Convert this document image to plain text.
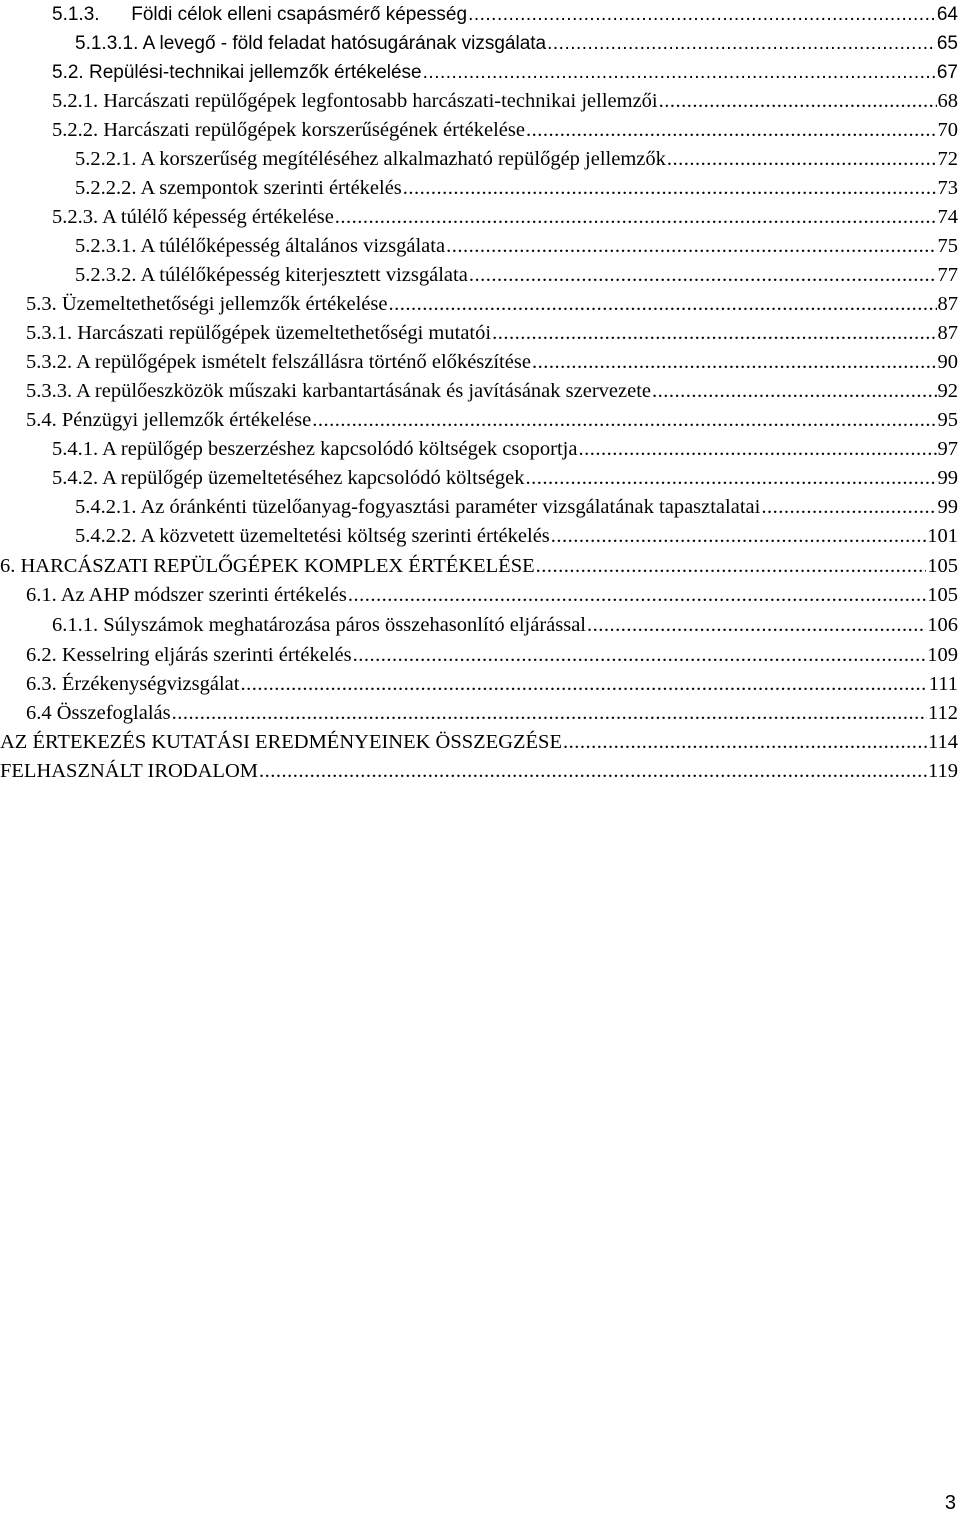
5.1.3.      Földi célok elleni csapásmérő képesség .....	64
5.1.3.1. A levegő - föld feladat hatósugárának vizsgálata .....	65
5.2. Repülési-technikai jellemzők értékelése .....	67
5.2.1. Harcászati repülőgépek legfontosabb harcászati-technikai jellemzői .....	68
5.2.2. Harcászati repülőgépek korszerűségének értékelése .....	70
5.2.2.1. A korszerűség megítéléséhez alkalmazható repülőgép jellemzők .....	72
5.2.2.2. A szempontok szerinti értékelés .....	73
5.2.3. A túlélő képesség értékelése .....	74
5.2.3.1. A túlélőképesség általános vizsgálata .....	75
5.2.3.2. A túlélőképesség kiterjesztett vizsgálata .....	77
5.3. Üzemeltethetőségi jellemzők értékelése .....	87
5.3.1. Harcászati repülőgépek üzemeltethetőségi mutatói .....	87
5.3.2. A repülőgépek ismételt felszállásra történő előkészítése .....	90
5.3.3. A repülőeszközök műszaki karbantartásának és javításának szervezete .....	92
5.4. Pénzügyi jellemzők értékelése .....	95
5.4.1. A repülőgép beszerzéshez kapcsolódó költségek csoportja .....	97
5.4.2. A repülőgép üzemeltetéséhez kapcsolódó költségek .....	99
5.4.2.1. Az óránkénti tüzelőanyag-fogyasztási paraméter vizsgálatának tapasztalatai .....	99
5.4.2.2. A közvetett üzemeltetési költség szerinti értékelés .....	101
6. HARCÁSZATI REPÜLŐGÉPEK KOMPLEX ÉRTÉKELÉSE .....	105
6.1. Az AHP módszer szerinti értékelés .....	105
6.1.1. Súlyszámok meghatározása páros összehasonlító eljárással .....	106
6.2. Kesselring eljárás szerinti értékelés .....	109
6.3. Érzékenységvizsgálat .....	111
6.4 Összefoglalás .....	112
AZ ÉRTEKEZÉS KUTATÁSI EREDMÉNYEINEK ÖSSZEGZÉSE .....	114
FELHASZNÁLT IRODALOM .....	119
3
